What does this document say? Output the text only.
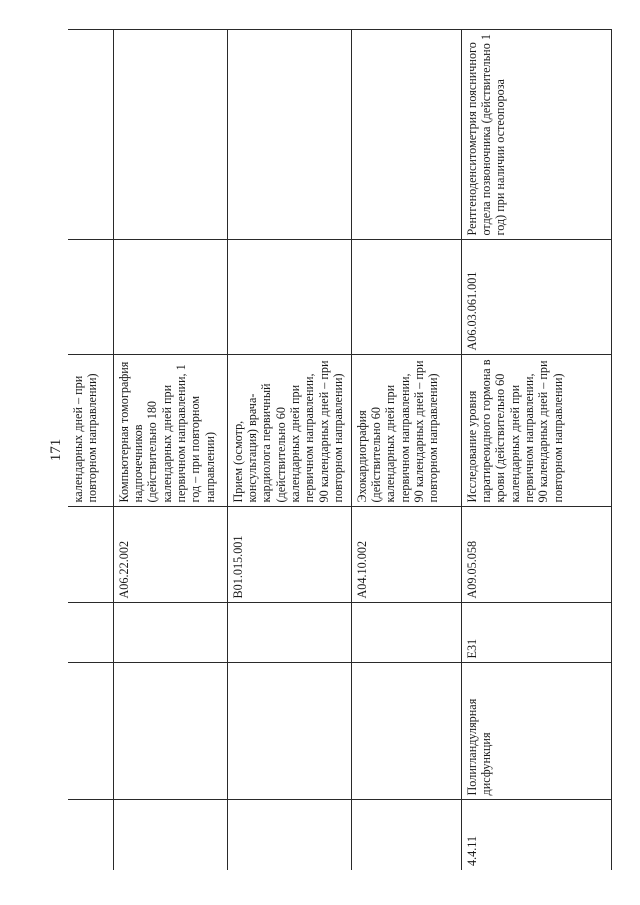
171
				календарных дней – при повторном направлении)		
			A06.22.002	Компьютерная томография надпочечников (действительно 180 календарных дней при первичном направлении, 1 год – при повторном направлении)		
			B01.015.001	Прием (осмотр, консультация) врача-кардиолога первичный (действительно 60 календарных дней при первичном направлении, 90 календарных дней – при повторном направлении)		
			A04.10.002	Эхокардиография (действительно 60 календарных дней при первичном направлении, 90 календарных дней – при повторном направлении)		
4.4.11	Полигландулярная дисфункция	E31	A09.05.058	Исследование уровня паратиреоидного гормона в крови (действительно 60 календарных дней при первичном направлении, 90 календарных дней – при повторном направлении)	A06.03.061.001	Рентгеноденситометрия поясничного отдела позвоночника (действительно 1 год) при наличии остеопороза
